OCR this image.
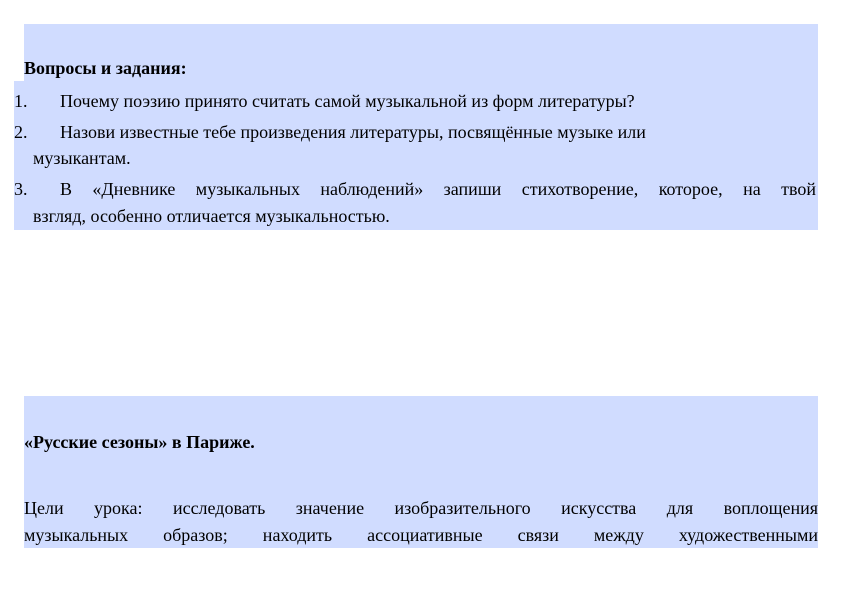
Вопросы и задания:
1. Почему поэзию принято считать самой музыкальной из форм литературы?
2. Назови известные тебе произведения литературы, посвящённые музыке или
музыкантам.
3. В «Дневнике музыкальных наблюдений» запиши стихотворение, которое, на твой
взгляд, особенно отличается музыкальностью.
«Русские сезоны» в Париже.
Цели урока: исследовать значение изобразительного искусства для воплощения
музыкальных образов; находить ассоциативные связи между художественными
